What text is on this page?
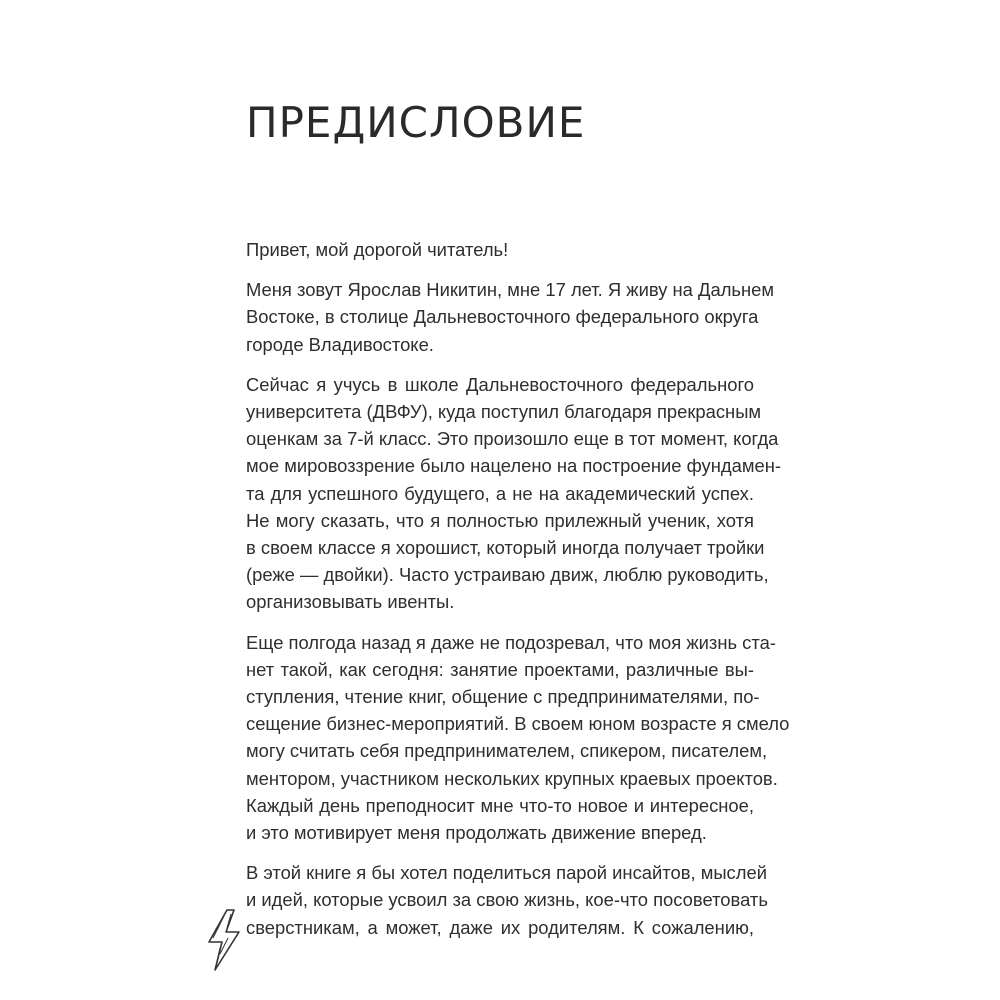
ПРЕДИСЛОВИЕ

Привет, мой дорогой читатель!

Меня зовут Ярослав Никитин, мне 17 лет. Я живу на Дальнем
Востоке, в столице Дальневосточного федерального округа
городе Владивостоке.

Сейчас я учусь в школе Дальневосточного федерального
университета (ДВФУ), куда поступил благодаря прекрасным
оценкам за 7-й класс. Это произошло еще в тот момент, когда
мое мировоззрение было нацелено на построение фундамен-
та для успешного будущего, а не на академический успех.
Не могу сказать, что я полностью прилежный ученик, хотя
в своем классе я хорошист, который иногда получает тройки
(реже — двойки). Часто устраиваю движ, люблю руководить,
организовывать ивенты.

Еще полгода назад я даже не подозревал, что моя жизнь ста-
нет такой, как сегодня: занятие проектами, различные вы-
ступления, чтение книг, общение с предпринимателями, по-
сещение бизнес-мероприятий. В своем юном возрасте я смело
могу считать себя предпринимателем, спикером, писателем,
ментором, участником нескольких крупных краевых проектов.
Каждый день преподносит мне что-то новое и интересное,
и это мотивирует меня продолжать движение вперед.

В этой книге я бы хотел поделиться парой инсайтов, мыслей
и идей, которые усвоил за свою жизнь, кое-что посоветовать
сверстникам, а может, даже их родителям. К сожалению,
